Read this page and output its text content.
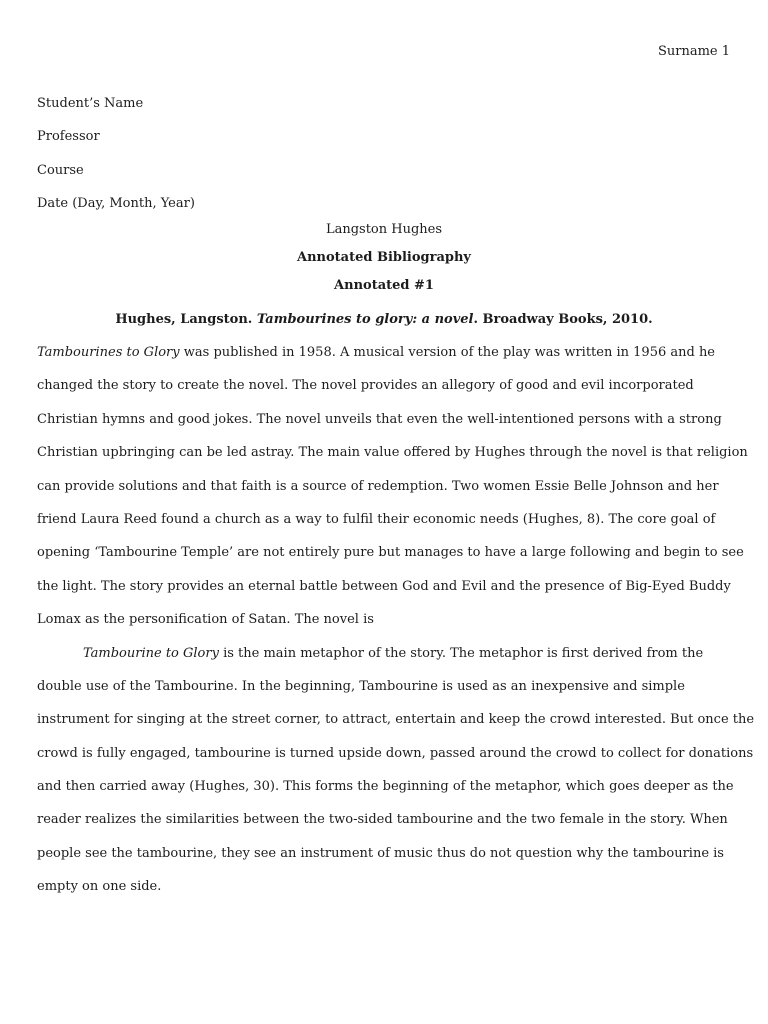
Surname 1
Student’s Name
Professor
Course
Date (Day, Month, Year)
Langston Hughes
Annotated Bibliography
Annotated #1
Hughes, Langston. Tambourines to glory: a novel. Broadway Books, 2010.
Tambourines to Glory was published in 1958. A musical version of the play was written in 1956 and he
changed the story to create the novel. The novel provides an allegory of good and evil incorporated
Christian hymns and good jokes. The novel unveils that even the well-intentioned persons with a strong
Christian upbringing can be led astray. The main value offered by Hughes through the novel is that religion
can provide solutions and that faith is a source of redemption. Two women Essie Belle Johnson and her
friend Laura Reed found a church as a way to fulfil their economic needs (Hughes, 8). The core goal of
opening ‘Tambourine Temple’ are not entirely pure but manages to have a large following and begin to see
the light. The story provides an eternal battle between God and Evil and the presence of Big-Eyed Buddy
Lomax as the personification of Satan. The novel is
Tambourine to Glory is the main metaphor of the story. The metaphor is first derived from the
double use of the Tambourine. In the beginning, Tambourine is used as an inexpensive and simple
instrument for singing at the street corner, to attract, entertain and keep the crowd interested. But once the
crowd is fully engaged, tambourine is turned upside down, passed around the crowd to collect for donations
and then carried away (Hughes, 30). This forms the beginning of the metaphor, which goes deeper as the
reader realizes the similarities between the two-sided tambourine and the two female in the story. When
people see the tambourine, they see an instrument of music thus do not question why the tambourine is
empty on one side.
